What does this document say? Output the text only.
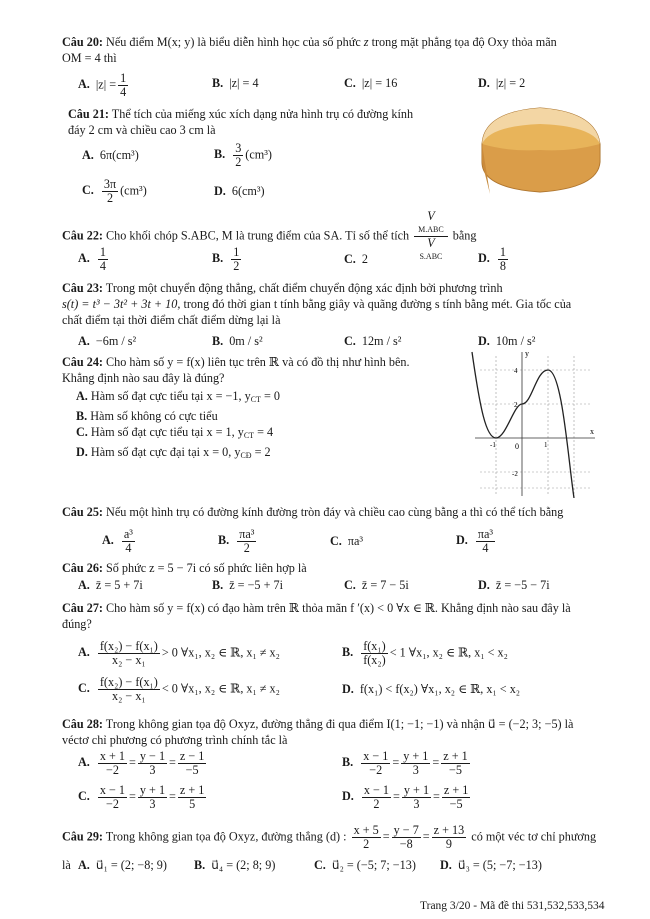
Câu 20: Nếu điểm M(x; y) là biểu diễn hình học của số phức z trong mặt phẳng tọa độ Oxy thỏa mãn
OM = 4 thì
A. $|z| = \frac{1}{4}$	B. |z| = 4	C. |z| = 16	D. |z| = 2
Câu 21: Thể tích của miếng xúc xích dạng nửa hình trụ có đường kính
đáy 2 cm và chiều cao 3 cm là
A. 6π(cm³)	B. $\frac{3}{2} (cm^3)$
C. $\frac{3\pi}{2} (cm^3)$	D. 6(cm³)
Câu 22: Cho khối chóp S.ABC, M là trung điểm của SA. Tỉ số thể tích V
M.ABC
V
S.ABC bằng
A. $\frac{1}{4}$	B. $\frac{1}{2}$	C. 2	D. $\frac{1}{8}$
Câu 23: Trong một chuyển động thẳng, chất điểm chuyển động xác định bởi phương trình
s(t) = t³ − 3t² + 3t + 10, trong đó thời gian t tính bằng giây và quãng đường s tính bằng mét. Gia tốc của
chất điểm tại thời điểm chất điểm dừng lại là
A. −6m / s²	B. 0m / s²	C. 12m / s²	D. 10m / s²
Câu 24: Cho hàm số y = f(x) liên tục trên ℝ và có đồ thị như hình bên.
Khẳng định nào sau đây là đúng?
A. Hàm số đạt cực tiểu tại x = −1, $y_{CT} = 0$
B. Hàm số không có cực tiểu
C. Hàm số đạt cực tiểu tại x = 1, $y_{CT} = 4$
D. Hàm số đạt cực đại tại x = 0, $y_{CĐ} = 2$
y
x
0
4
2
-2
-1	1
Câu 25: Nếu một hình trụ có đường kính đường tròn đáy và chiều cao cùng bằng a thì có thể tích bằng
A. $\frac{\text{a³}}{4}$	B. $\frac{\text{πa³}}{2}$	C. πa³	D. $\frac{\text{πa³}}{4}$
Câu 26: Số phức z = 5 − 7i có số phức liên hợp là
A. z̄ = 5 + 7i	B. z̄ = −5 + 7i	C. z̄ = 7 − 5i	D. z̄ = −5 − 7i
Câu 27: Cho hàm số y = f(x) có đạo hàm trên ℝ thỏa mãn f ′(x) < 0 ∀x ∈ ℝ. Khẳng định nào sau đây là
đúng?
A. $\frac{\text{f(x₂) − f(x₁)}}{\text{x₂ − x₁}} > 0$ ∀x₁, x₂ ∈ ℝ, x₁ ≠ x₂	B. $\frac{\text{f(x₁)}}{\text{f(x₂)}} < 1$ ∀x₁, x₂ ∈ ℝ, x₁ < x₂
C. $\frac{\text{f(x₂) − f(x₁)}}{\text{x₂ − x₁}} < 0$ ∀x₁, x₂ ∈ ℝ, x₁ ≠ x₂	D. f(x₁) < f(x₂) ∀x₁, x₂ ∈ ℝ, x₁ < x₂
Câu 28: Trong không gian tọa độ Oxyz, đường thẳng đi qua điểm I(1; −1; −1) và nhận u⃗ = (−2; 3; −5) là
véctơ chỉ phương có phương trình chính tắc là
A. $\frac{x + 1}{-2} = \frac{y - 1}{3} = \frac{z - 1}{-5}$	B. $\frac{x - 1}{-2} = \frac{y + 1}{3} = \frac{z + 1}{-5}$
C. $\frac{x - 1}{-2} = \frac{y + 1}{3} = \frac{z + 1}{5}$	D. $\frac{x - 1}{2} = \frac{y + 1}{3} = \frac{z + 1}{-5}$
Câu 29: Trong không gian tọa độ Oxyz, đường thẳng (d) : $\frac{x + 5}{2} = \frac{y - 7}{-8} = \frac{z + 13}{9}$ có một véc tơ chỉ phương
là A. u⃗₁ = (2; −8; 9) B. u⃗₄ = (2; 8; 9)	C. u⃗₂ = (−5; 7; −13) D. u⃗₃ = (5; −7; −13)
Trang 3/20 - Mã đề thi 531,532,533,534
